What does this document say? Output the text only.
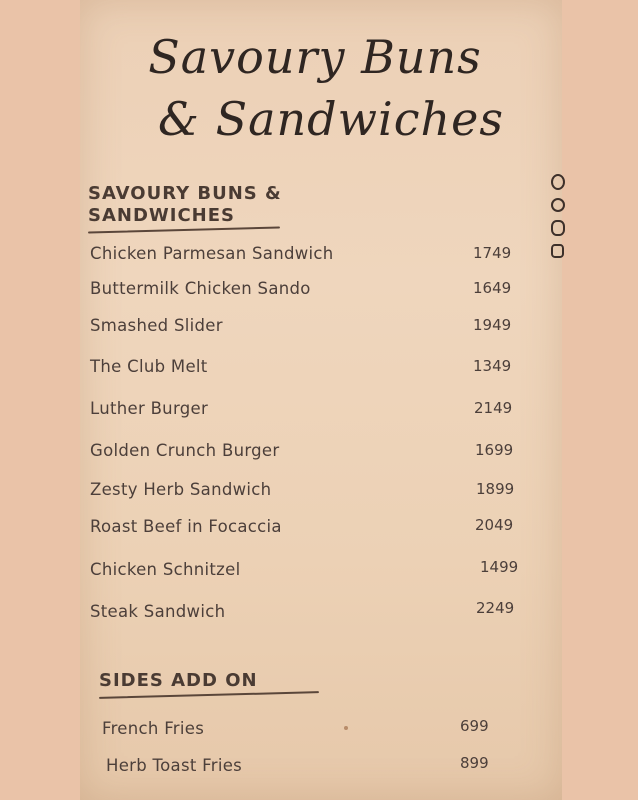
Savoury Buns
& Sandwiches
SAVOURY BUNS &
SANDWICHES
Chicken Parmesan Sandwich	1749
Buttermilk Chicken Sando	1649
Smashed Slider	1949
The Club Melt	1349
Luther Burger	2149
Golden Crunch Burger	1699
Zesty Herb Sandwich	1899
Roast Beef in Focaccia	2049
Chicken Schnitzel	1499
Steak Sandwich	2249
SIDES ADD ON
French Fries	699
Herb Toast Fries	899
